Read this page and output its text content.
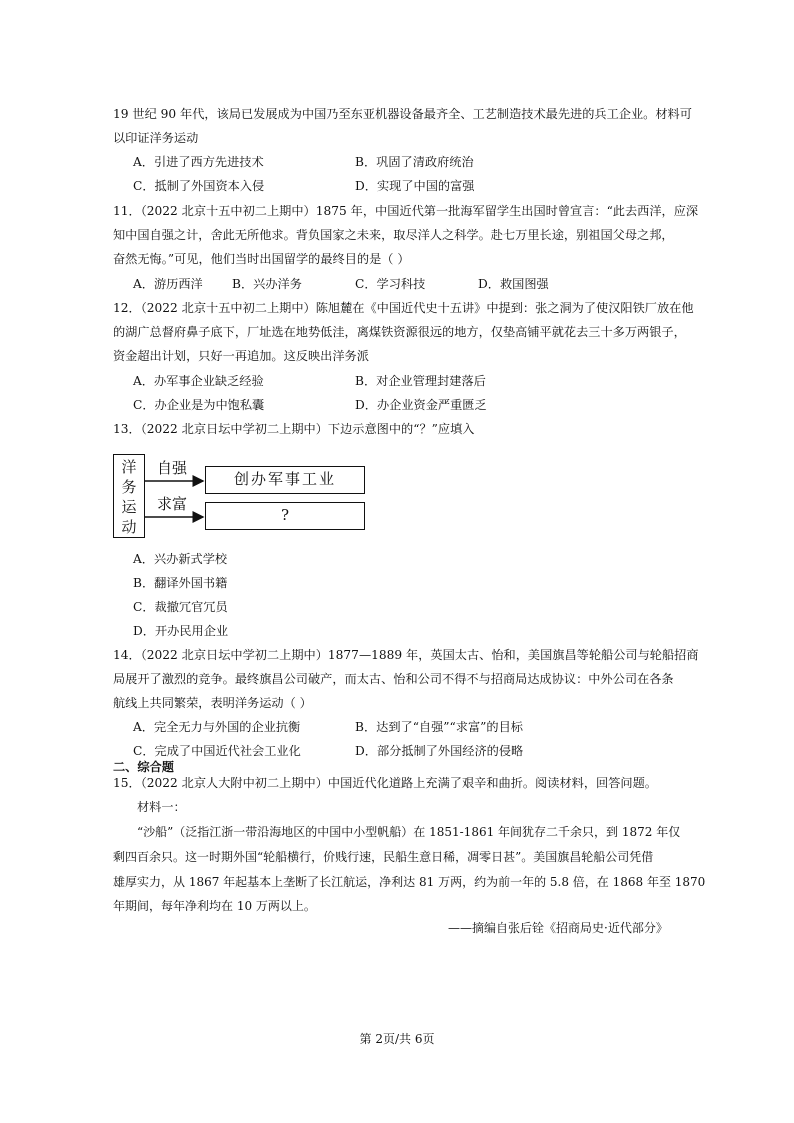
19 世纪 90 年代，该局已发展成为中国乃至东亚机器设备最齐全、工艺制造技术最先进的兵工企业。材料可
以印证洋务运动
A．引进了西方先进技术	B．巩固了清政府统治
C．抵制了外国资本入侵	D．实现了中国的富强
11．（2022 北京十五中初二上期中）1875 年，中国近代第一批海军留学生出国时曾宣言：“此去西洋，应深
知中国自强之计，舍此无所他求。背负国家之未来，取尽洋人之科学。赴七万里长途，别祖国父母之邦，
奋然无悔。”可见，他们当时出国留学的最终目的是（ ）
A．游历西洋 B．兴办洋务	C．学习科技	D．救国图强
12．（2022 北京十五中初二上期中）陈旭麓在《中国近代史十五讲》中提到：张之洞为了使汉阳铁厂放在他
的湖广总督府鼻子底下，厂址选在地势低洼，离煤铁资源很远的地方，仅垫高铺平就花去三十多万两银子，
资金超出计划，只好一再追加。这反映出洋务派
A．办军事企业缺乏经验	B．对企业管理封建落后
C．办企业是为中饱私囊	D．办企业资金严重匮乏
13．（2022 北京日坛中学初二上期中）下边示意图中的“？”应填入
洋
务
运
动
自强
求富
创办军事工业
?
A．兴办新式学校
B．翻译外国书籍
C．裁撤冗官冗员
D．开办民用企业
14．（2022 北京日坛中学初二上期中）1877—1889 年，英国太古、怡和，美国旗昌等轮船公司与轮船招商
局展开了激烈的竞争。最终旗昌公司破产，而太古、怡和公司不得不与招商局达成协议：中外公司在各条
航线上共同繁荣，表明洋务运动（ ）
A．完全无力与外国的企业抗衡	B．达到了“自强”“求富”的目标
C．完成了中国近代社会工业化	D．部分抵制了外国经济的侵略
二、综合题
15．（2022 北京人大附中初二上期中）中国近代化道路上充满了艰辛和曲折。阅读材料，回答问题。
材料一：
“沙船”（泛指江浙一带沿海地区的中国中小型帆船）在 1851-1861 年间犹存二千余只，到 1872 年仅
剩四百余只。这一时期外国“轮船横行，价贱行速，民船生意日稀，凋零日甚”。美国旗昌轮船公司凭借
雄厚实力，从 1867 年起基本上垄断了长江航运，净利达 81 万两，约为前一年的 5.8 倍，在 1868 年至 1870
年期间，每年净利均在 10 万两以上。
——摘编自张后铨《招商局史·近代部分》
第 2页/共 6页
